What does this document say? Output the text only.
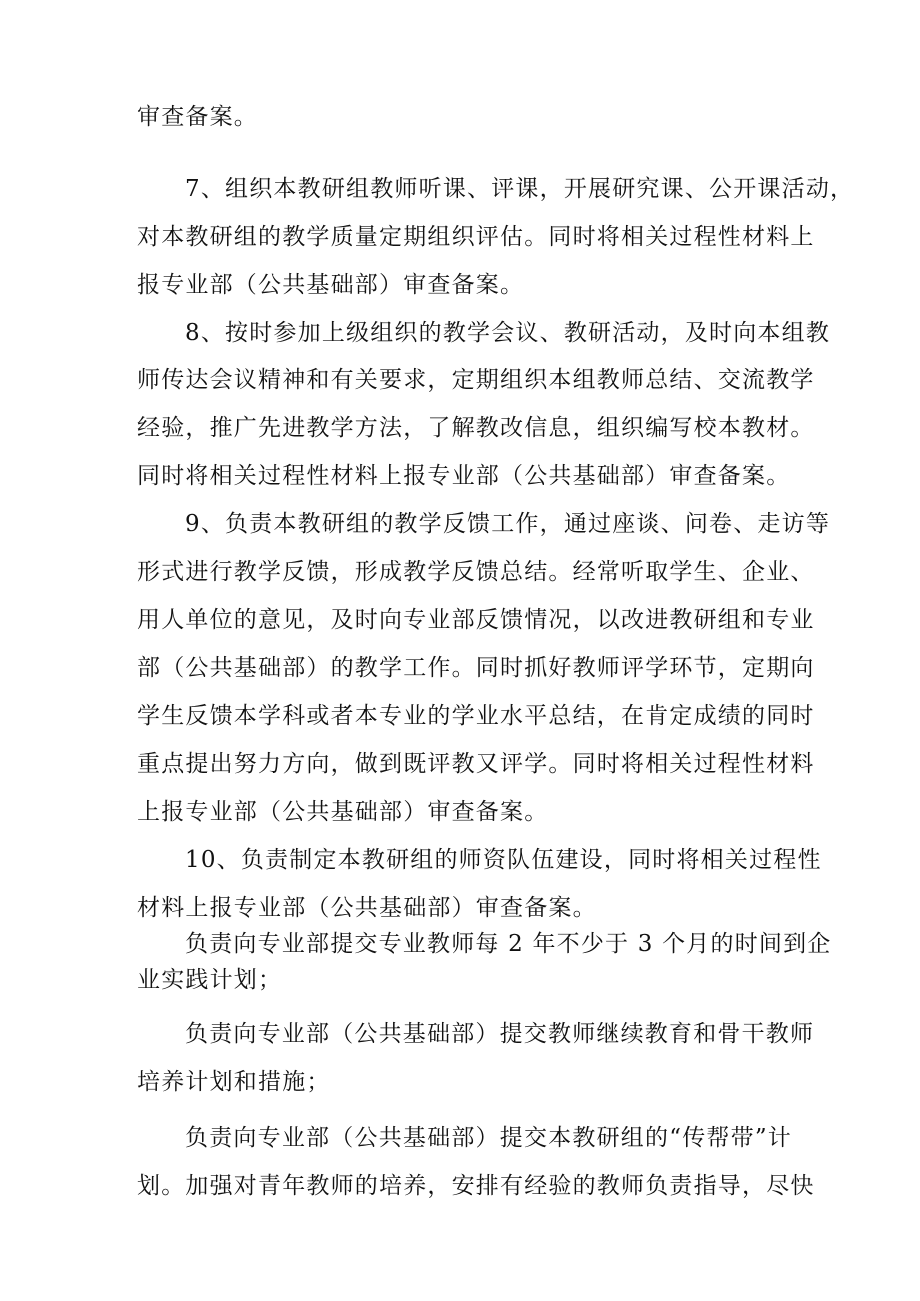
审查备案。
7、组织本教研组教师听课、评课，开展研究课、公开课活动，
对本教研组的教学质量定期组织评估。同时将相关过程性材料上
报专业部（公共基础部）审查备案。
8、按时参加上级组织的教学会议、教研活动，及时向本组教
师传达会议精神和有关要求，定期组织本组教师总结、交流教学
经验，推广先进教学方法，了解教改信息，组织编写校本教材。
同时将相关过程性材料上报专业部（公共基础部）审查备案。
9、负责本教研组的教学反馈工作，通过座谈、问卷、走访等
形式进行教学反馈，形成教学反馈总结。经常听取学生、企业、
用人单位的意见，及时向专业部反馈情况，以改进教研组和专业
部（公共基础部）的教学工作。同时抓好教师评学环节，定期向
学生反馈本学科或者本专业的学业水平总结，在肯定成绩的同时
重点提出努力方向，做到既评教又评学。同时将相关过程性材料
上报专业部（公共基础部）审查备案。
10、负责制定本教研组的师资队伍建设，同时将相关过程性
材料上报专业部（公共基础部）审查备案。
负责向专业部提交专业教师每 2 年不少于 3 个月的时间到企
业实践计划；
负责向专业部（公共基础部）提交教师继续教育和骨干教师
培养计划和措施；
负责向专业部（公共基础部）提交本教研组的“传帮带”计
划。加强对青年教师的培养，安排有经验的教师负责指导，尽快
